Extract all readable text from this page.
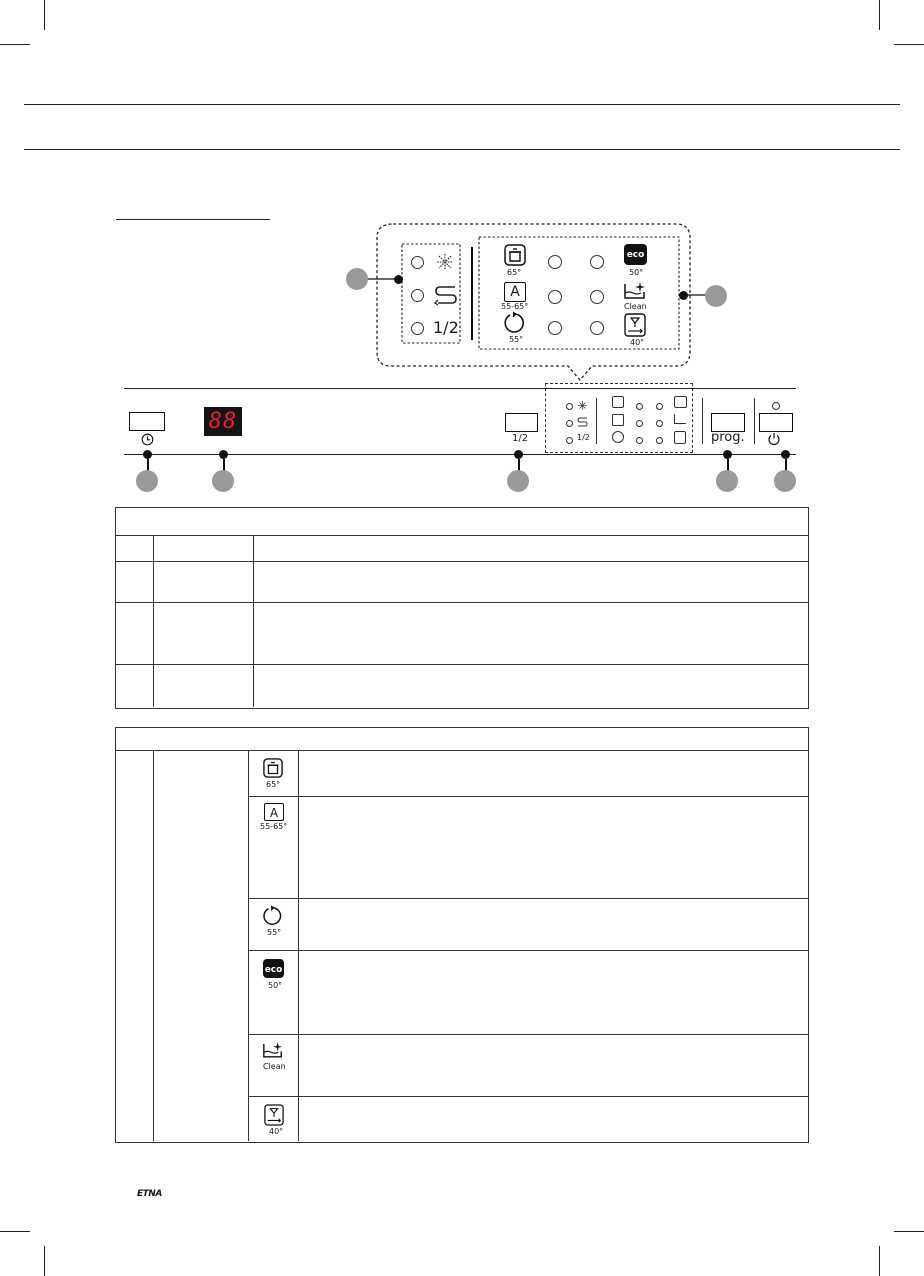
1/2
65°
A
55-65°
55°
eco
50°
Clean
40°
88
1/2	1/2	prog.
65°
A
55-65°
55°
eco
50°
Clean
40°
ETNA
